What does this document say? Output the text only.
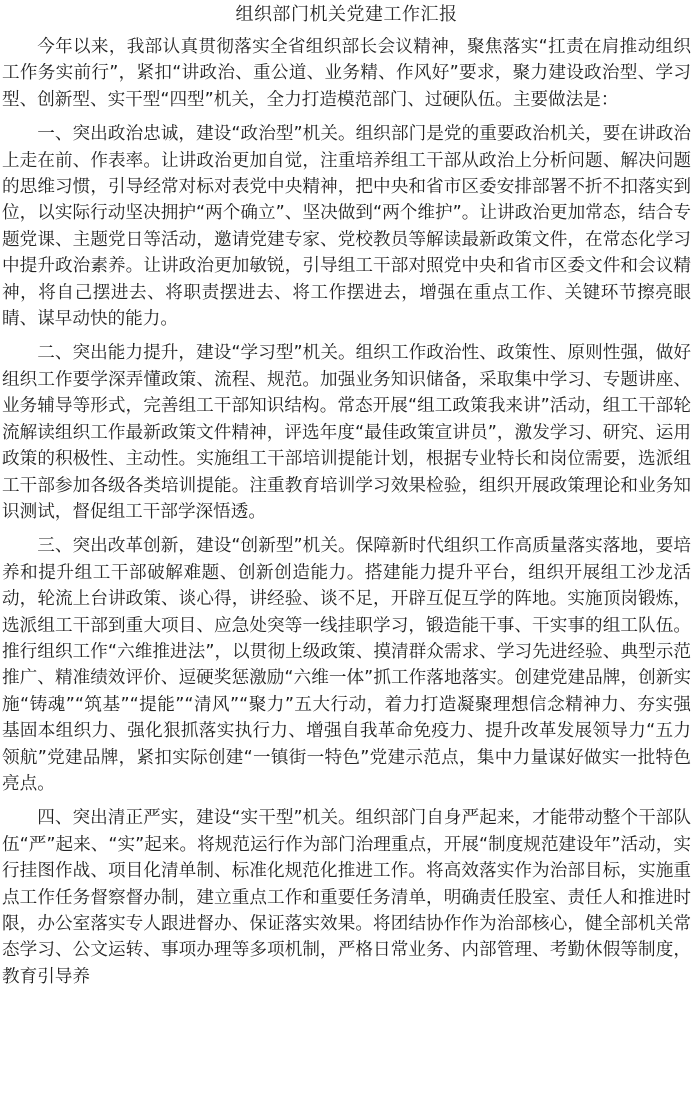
组织部门机关党建工作汇报

今年以来，我部认真贯彻落实全省组织部长会议精神，聚焦落实“扛责在肩推动组织工作务实前行”，紧扣“讲政治、重公道、业务精、作风好”要求，聚力建设政治型、学习型、创新型、实干型“四型”机关，全力打造模范部门、过硬队伍。主要做法是：

一、突出政治忠诚，建设“政治型”机关。组织部门是党的重要政治机关，要在讲政治上走在前、作表率。让讲政治更加自觉，注重培养组工干部从政治上分析问题、解决问题的思维习惯，引导经常对标对表党中央精神，把中央和省市区委安排部署不折不扣落实到位，以实际行动坚决拥护“两个确立”、坚决做到“两个维护”。让讲政治更加常态，结合专题党课、主题党日等活动，邀请党建专家、党校教员等解读最新政策文件，在常态化学习中提升政治素养。让讲政治更加敏锐，引导组工干部对照党中央和省市区委文件和会议精神，将自己摆进去、将职责摆进去、将工作摆进去，增强在重点工作、关键环节擦亮眼睛、谋早动快的能力。

二、突出能力提升，建设“学习型”机关。组织工作政治性、政策性、原则性强，做好组织工作要学深弄懂政策、流程、规范。加强业务知识储备，采取集中学习、专题讲座、业务辅导等形式，完善组工干部知识结构。常态开展“组工政策我来讲”活动，组工干部轮流解读组织工作最新政策文件精神，评选年度“最佳政策宣讲员”，激发学习、研究、运用政策的积极性、主动性。实施组工干部培训提能计划，根据专业特长和岗位需要，选派组工干部参加各级各类培训提能。注重教育培训学习效果检验，组织开展政策理论和业务知识测试，督促组工干部学深悟透。

三、突出改革创新，建设“创新型”机关。保障新时代组织工作高质量落实落地，要培养和提升组工干部破解难题、创新创造能力。搭建能力提升平台，组织开展组工沙龙活动，轮流上台讲政策、谈心得，讲经验、谈不足，开辟互促互学的阵地。实施顶岗锻炼，选派组工干部到重大项目、应急处突等一线挂职学习，锻造能干事、干实事的组工队伍。推行组织工作“六维推进法”，以贯彻上级政策、摸清群众需求、学习先进经验、典型示范推广、精准绩效评价、逗硬奖惩激励“六维一体”抓工作落地落实。创建党建品牌，创新实施“铸魂”“筑基”“提能”“清风”“聚力”五大行动，着力打造凝聚理想信念精神力、夯实强基固本组织力、强化狠抓落实执行力、增强自我革命免疫力、提升改革发展领导力“五力领航”党建品牌，紧扣实际创建“一镇街一特色”党建示范点，集中力量谋好做实一批特色亮点。

四、突出清正严实，建设“实干型”机关。组织部门自身严起来，才能带动整个干部队伍“严”起来、“实”起来。将规范运行作为部门治理重点，开展“制度规范建设年”活动，实行挂图作战、项目化清单制、标准化规范化推进工作。将高效落实作为治部目标，实施重点工作任务督察督办制，建立重点工作和重要任务清单，明确责任股室、责任人和推进时限，办公室落实专人跟进督办、保证落实效果。将团结协作作为治部核心，健全部机关常态学习、公文运转、事项办理等多项机制，严格日常业务、内部管理、考勤休假等制度，教育引导养
